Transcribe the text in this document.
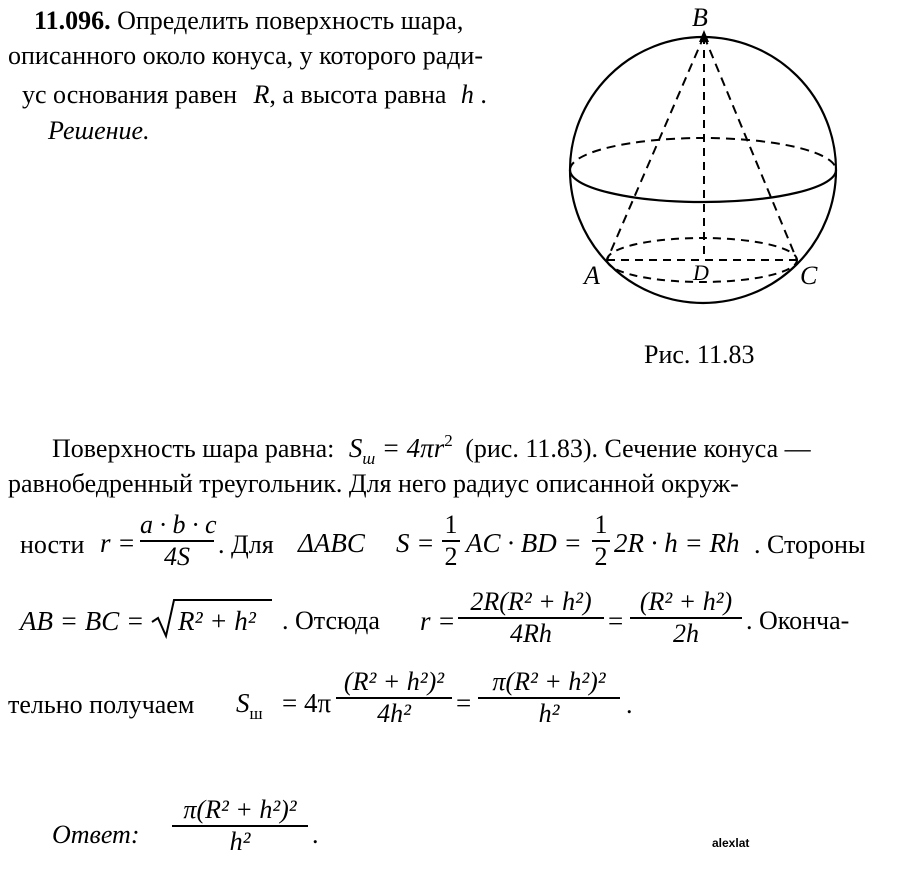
11.096. Определить поверхность шара,
описанного около конуса, у которого ради-
ус основания равен R, а высота равна h .
Решение.
B
A	C
D
Рис. 11.83
Поверхность шара равна: $S_ш = 4\pi r^2$ (рис. 11.83). Сечение конуса —
равнобедренный треугольник. Для него радиус описанной окруж-
ности r =
a · b · c
4S	. Для ΔABC S =
1
2 AC · BD =
1
2 2R · h = Rh . Стороны
AB = BC = R² + h² . Отсюда r =
2R(R² + h²)
4Rh	=
(R² + h²)
2h	. Оконча-
тельно получаем $S_ш = 4\pi$
(R² + h²)²
4h²	=
π(R² + h²)²
h²	.
Ответ:
π(R² + h²)²
h²	.	alexlat
